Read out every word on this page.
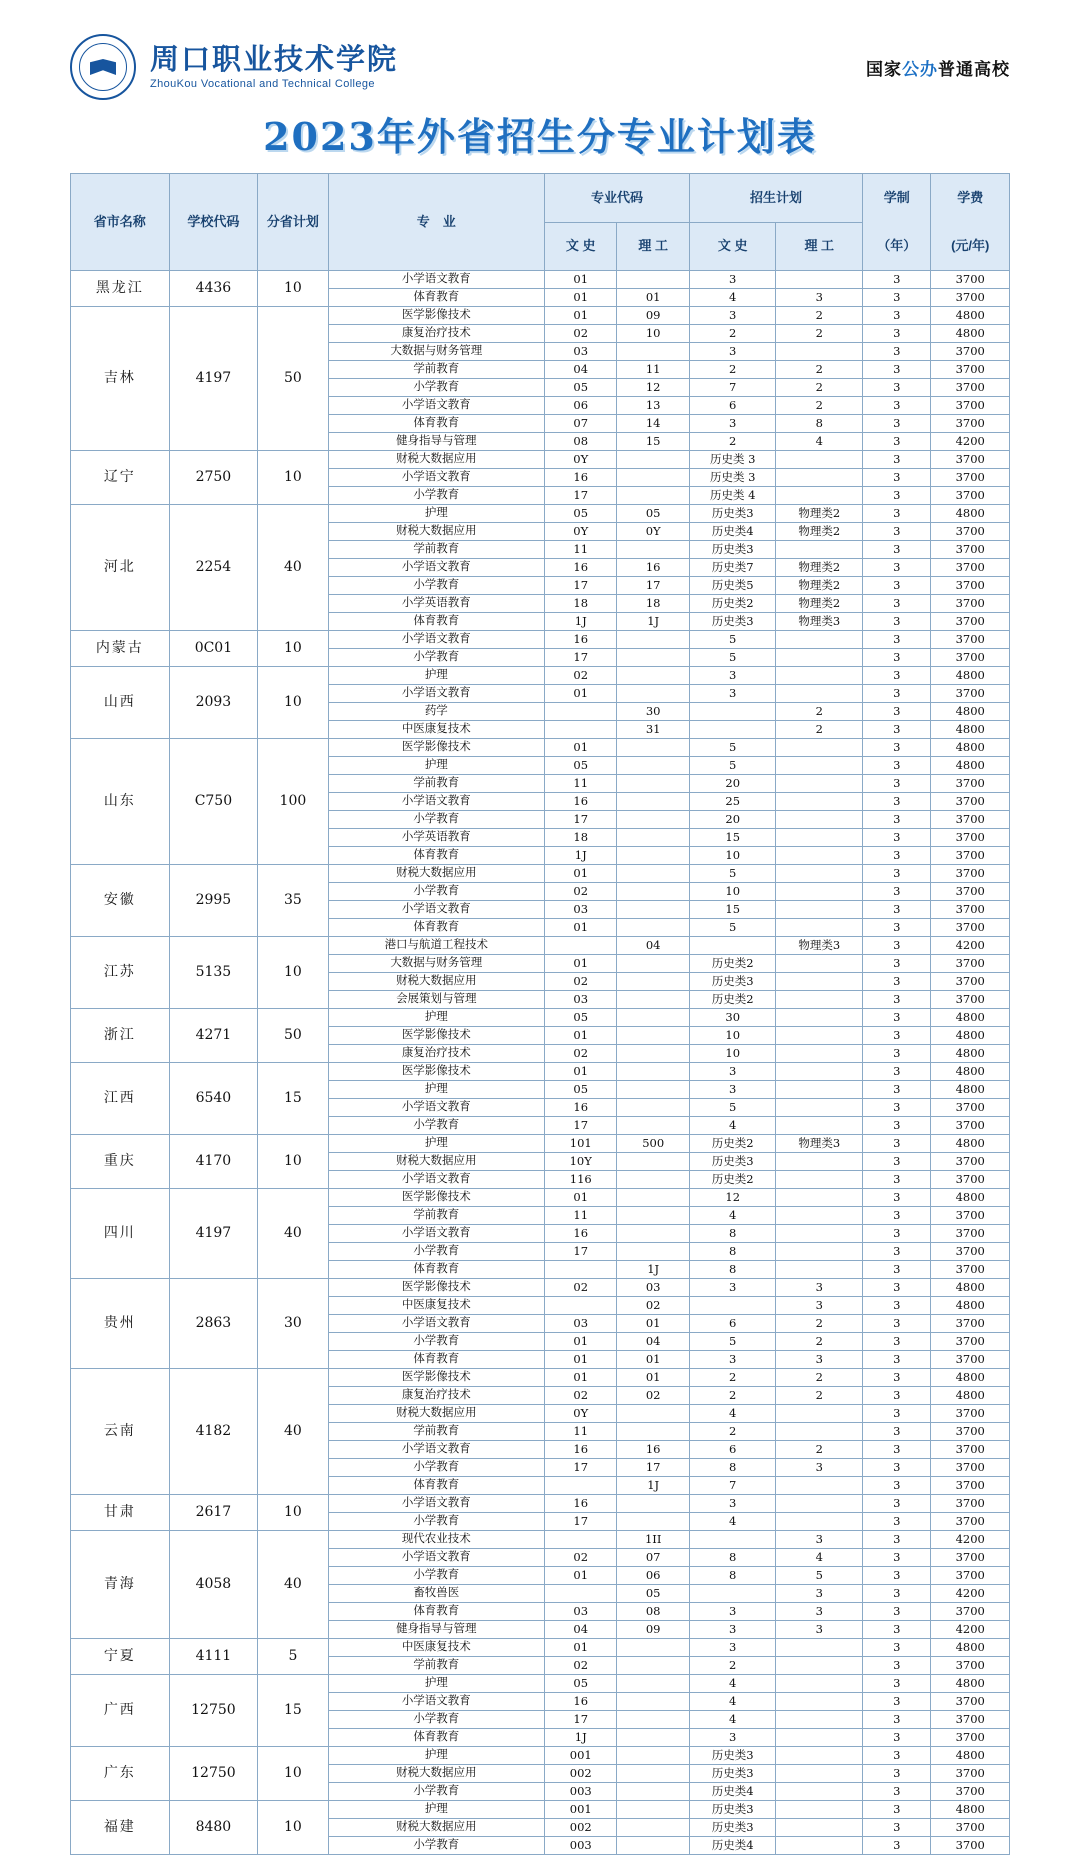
周口职业技术学院
ZhouKou Vocational and Technical College
国家公办普通高校
2023年外省招生分专业计划表
省市名称	学校代码	分省计划	专　业	专业代码	招生计划	学制
（年）

学费
(元/年)

				文 史	理 工	文 史	理 工		
黑龙江	4436	10	小学语文教育	01		3		3	3700
			体育教育	01	01	4	3	3	3700
吉林	4197	50	医学影像技术	01	09	3	2	3	4800
			康复治疗技术	02	10	2	2	3	4800
			大数据与财务管理	03		3		3	3700
			学前教育	04	11	2	2	3	3700
			小学教育	05	12	7	2	3	3700
			小学语文教育	06	13	6	2	3	3700
			体育教育	07	14	3	8	3	3700
			健身指导与管理	08	15	2	4	3	4200
辽宁	2750	10	财税大数据应用	0Y		历史类 3		3	3700
			小学语文教育	16		历史类 3		3	3700
			小学教育	17		历史类 4		3	3700
河北	2254	40	护理	05	05	历史类3	物理类2	3	4800
			财税大数据应用	0Y	0Y	历史类4	物理类2	3	3700
			学前教育	11		历史类3		3	3700
			小学语文教育	16	16	历史类7	物理类2	3	3700
			小学教育	17	17	历史类5	物理类2	3	3700
			小学英语教育	18	18	历史类2	物理类2	3	3700
			体育教育	1J	1J	历史类3	物理类3	3	3700
内蒙古	0C01	10	小学语文教育	16		5		3	3700
			小学教育	17		5		3	3700
山西	2093	10	护理	02		3		3	4800
			小学语文教育	01		3		3	3700
			药学		30		2	3	4800
			中医康复技术		31		2	3	4800
山东	C750	100	医学影像技术	01		5		3	4800
			护理	05		5		3	4800
			学前教育	11		20		3	3700
			小学语文教育	16		25		3	3700
			小学教育	17		20		3	3700
			小学英语教育	18		15		3	3700
			体育教育	1J		10		3	3700
安徽	2995	35	财税大数据应用	01		5		3	3700
			小学教育	02		10		3	3700
			小学语文教育	03		15		3	3700
			体育教育	01		5		3	3700
江苏	5135	10	港口与航道工程技术		04		物理类3	3	4200
			大数据与财务管理	01		历史类2		3	3700
			财税大数据应用	02		历史类3		3	3700
			会展策划与管理	03		历史类2		3	3700
浙江	4271	50	护理	05		30		3	4800
			医学影像技术	01		10		3	4800
			康复治疗技术	02		10		3	4800
江西	6540	15	医学影像技术	01		3		3	4800
			护理	05		3		3	4800
			小学语文教育	16		5		3	3700
			小学教育	17		4		3	3700
重庆	4170	10	护理	101	500	历史类2	物理类3	3	4800
			财税大数据应用	10Y		历史类3		3	3700
			小学语文教育	116		历史类2		3	3700
四川	4197	40	医学影像技术	01		12		3	4800
			学前教育	11		4		3	3700
			小学语文教育	16		8		3	3700
			小学教育	17		8		3	3700
			体育教育		1J	8		3	3700
贵州	2863	30	医学影像技术	02	03	3	3	3	4800
			中医康复技术		02		3	3	4800
			小学语文教育	03	01	6	2	3	3700
			小学教育	01	04	5	2	3	3700
			体育教育	01	01	3	3	3	3700
云南	4182	40	医学影像技术	01	01	2	2	3	4800
			康复治疗技术	02	02	2	2	3	4800
			财税大数据应用	0Y		4		3	3700
			学前教育	11		2		3	3700
			小学语文教育	16	16	6	2	3	3700
			小学教育	17	17	8	3	3	3700
			体育教育		1J	7		3	3700
甘肃	2617	10	小学语文教育	16		3		3	3700
			小学教育	17		4		3	3700
青海	4058	40	现代农业技术		1II		3	3	4200
			小学语文教育	02	07	8	4	3	3700
			小学教育	01	06	8	5	3	3700
			畜牧兽医		05		3	3	4200
			体育教育	03	08	3	3	3	3700
			健身指导与管理	04	09	3	3	3	4200
宁夏	4111	5	中医康复技术	01		3		3	4800
			学前教育	02		2		3	3700
广西	12750	15	护理	05		4		3	4800
			小学语文教育	16		4		3	3700
			小学教育	17		4		3	3700
			体育教育	1J		3		3	3700
广东	12750	10	护理	001		历史类3		3	4800
			财税大数据应用	002		历史类3		3	3700
			小学教育	003		历史类4		3	3700
福建	8480	10	护理	001		历史类3		3	4800
			财税大数据应用	002		历史类3		3	3700
			小学教育	003		历史类4		3	3700
